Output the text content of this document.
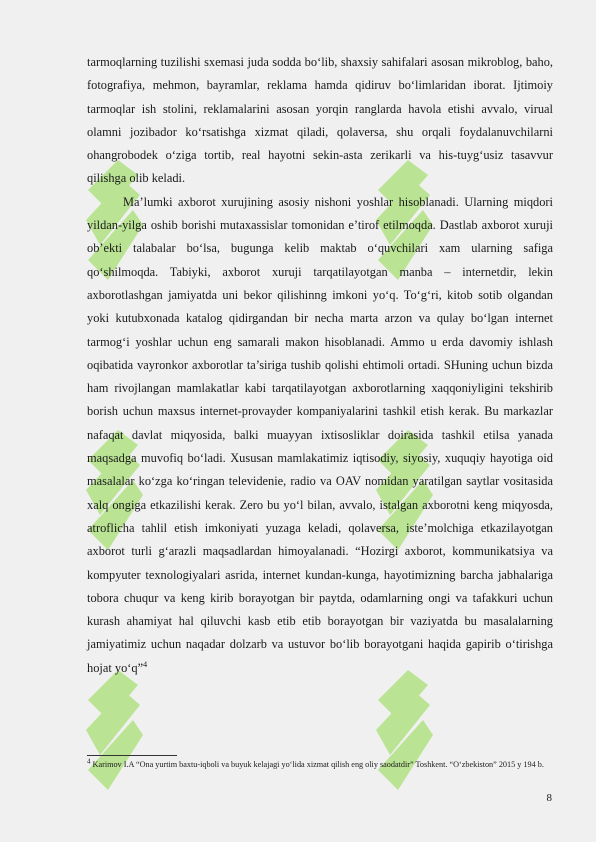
tarmoqlarning tuzilishi sxemasi juda sodda bo‘lib, shaxsiy sahifalari asosan mikroblog, baho, fotografiya, mehmon, bayramlar, reklama hamda qidiruv bo‘limlaridan iborat. Ijtimoiy tarmoqlar ish stolini, reklamalarini asosan yorqin ranglarda havola etishi avvalo, virual olamni jozibador ko‘rsatishga xizmat qiladi, qolaversa, shu orqali foydalanuvchilarni ohangrobodek o‘ziga tortib, real hayotni sekin-asta zerikarli va his-tuyg‘usiz tasavvur qilishga olib keladi.

Ma’lumki axborot xurujining asosiy nishoni yoshlar hisoblanadi. Ularning miqdori yildan-yilga oshib borishi mutaxassislar tomonidan e’tirof etilmoqda. Dastlab axborot xuruji ob’ekti talabalar bo‘lsa, bugunga kelib maktab o‘quvchilari xam ularning safiga qo‘shilmoqda. Tabiyki, axborot xuruji tarqatilayotgan manba – internetdir, lekin axborotlashgan jamiyatda uni bekor qilishinng imkoni yo‘q. To‘g‘ri, kitob sotib olgandan yoki kutubxonada katalog qidirgandan bir necha marta arzon va qulay bo‘lgan internet tarmog‘i yoshlar uchun eng samarali makon hisoblanadi. Ammo u erda davomiy ishlash oqibatida vayronkor axborotlar ta’siriga tushib qolishi ehtimoli ortadi. SHuning uchun bizda ham rivojlangan mamlakatlar kabi tarqatilayotgan axborotlarning xaqqoniyligini tekshirib borish uchun maxsus internet-provayder kompaniyalarini tashkil etish kerak. Bu markazlar nafaqat davlat miqyosida, balki muayyan ixtisosliklar doirasida tashkil etilsa yanada maqsadga muvofiq bo‘ladi. Xususan mamlakatimiz iqtisodiy, siyosiy, xuquqiy hayotiga oid masalalar ko‘zga ko‘ringan televidenie, radio va OAV nomidan yaratilgan saytlar vositasida xalq ongiga etkazilishi kerak. Zero bu yo‘l bilan, avvalo, istalgan axborotni keng miqyosda, atroflicha tahlil etish imkoniyati yuzaga keladi, qolaversa, iste’molchiga etkazilayotgan axborot turli g‘arazli maqsadlardan himoyalanadi. “Hozirgi axborot, kommunikatsiya va kompyuter texnologiyalari asrida, internet kundan-kunga, hayotimizning barcha jabhalariga tobora chuqur va keng kirib borayotgan bir paytda, odamlarning ongi va tafakkuri uchun kurash ahamiyat hal qiluvchi kasb etib etib borayotgan bir vaziyatda bu masalalarning jamiyatimiz uchun naqadar dolzarb va ustuvor bo‘lib borayotgani haqida gapirib o‘tirishga hojat yo‘q”$^4$

4 Karimov I.A “Ona yurtim baxtu-iqboli va buyuk kelajagi yo‘lida xizmat qilish eng oliy saodatdir” Toshkent. “O‘zbekiston” 2015 y 194 b.
8
